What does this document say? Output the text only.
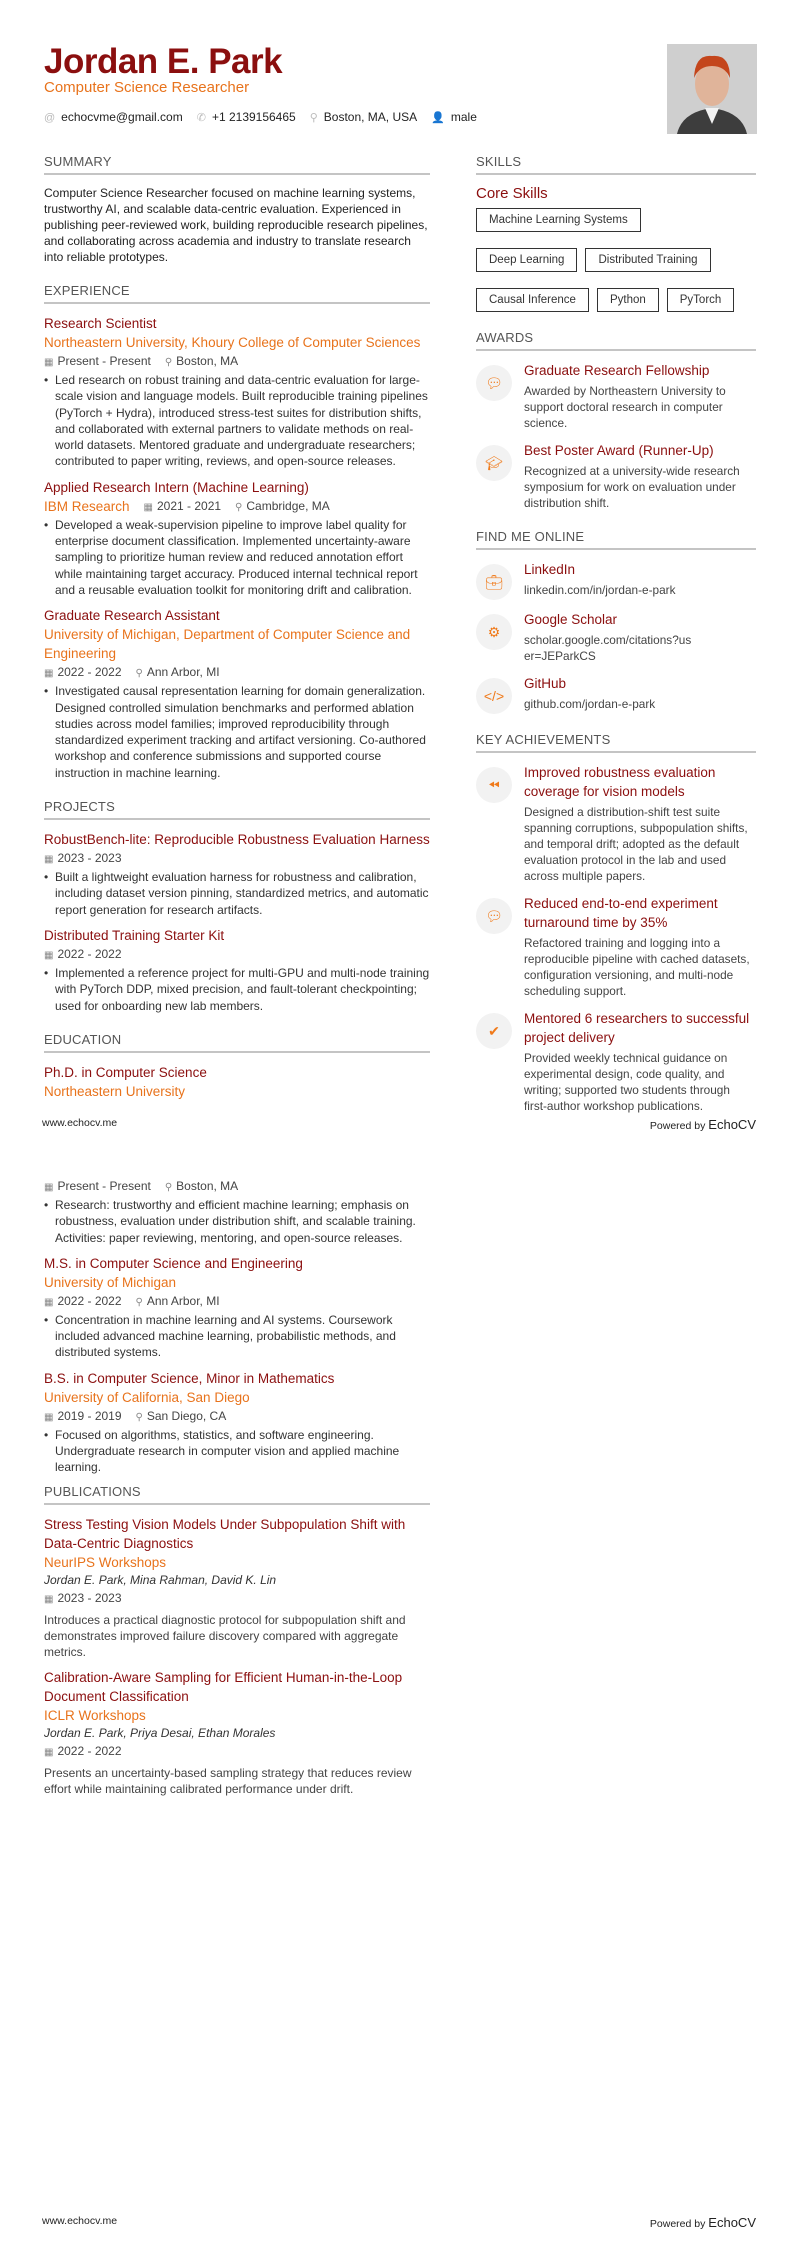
Jordan E. Park
Computer Science Researcher
@ echocvme@gmail.com ✆ +1 2139156465 ⚲ Boston, MA, USA 👤 male
SUMMARY
Computer Science Researcher focused on machine learning systems, trustworthy AI, and scalable data-centric evaluation. Experienced in publishing peer-reviewed work, building reproducible research pipelines, and collaborating across academia and industry to translate research into reliable prototypes.
EXPERIENCE
Research Scientist
Northeastern University, Khoury College of Computer Sciences
▦ Present - Present ⚲ Boston, MA
• Led research on robust training and data-centric evaluation for large-scale vision and language models. Built reproducible training pipelines (PyTorch + Hydra), introduced stress-test suites for distribution shifts, and collaborated with external partners to validate methods on real-world datasets. Mentored graduate and undergraduate researchers; contributed to paper writing, reviews, and open-source releases.
Applied Research Intern (Machine Learning)
IBM Research ▦ 2021 - 2021 ⚲ Cambridge, MA
• Developed a weak-supervision pipeline to improve label quality for enterprise document classification. Implemented uncertainty-aware sampling to prioritize human review and reduced annotation effort while maintaining target accuracy. Produced internal technical report and a reusable evaluation toolkit for monitoring drift and calibration.
Graduate Research Assistant
University of Michigan, Department of Computer Science and Engineering
▦ 2022 - 2022 ⚲ Ann Arbor, MI
• Investigated causal representation learning for domain generalization. Designed controlled simulation benchmarks and performed ablation studies across model families; improved reproducibility through standardized experiment tracking and artifact versioning. Co-authored workshop and conference submissions and supported course instruction in machine learning.
PROJECTS
RobustBench-lite: Reproducible Robustness Evaluation Harness
▦ 2023 - 2023
• Built a lightweight evaluation harness for robustness and calibration, including dataset version pinning, standardized metrics, and automatic report generation for research artifacts.
Distributed Training Starter Kit
▦ 2022 - 2022
• Implemented a reference project for multi-GPU and multi-node training with PyTorch DDP, mixed precision, and fault-tolerant checkpointing; used for onboarding new lab members.
EDUCATION
Ph.D. in Computer Science
Northeastern University
SKILLS
Core Skills
Machine Learning Systems
Deep Learning	Distributed Training
Causal Inference	Python	PyTorch
AWARDS
💬︎
Graduate Research Fellowship
Awarded by Northeastern University to support doctoral research in computer science.
🎓︎
Best Poster Award (Runner-Up)
Recognized at a university-wide research symposium for work on evaluation under distribution shift.
FIND ME ONLINE
💼︎
LinkedIn
linkedin.com/in/jordan-e-park
⚙
Google Scholar
scholar.google.com/citations?user=JEParkCS
</>
GitHub
github.com/jordan-e-park
KEY ACHIEVEMENTS
⏪︎
Improved robustness evaluation coverage for vision models
Designed a distribution-shift test suite spanning corruptions, subpopulation shifts, and temporal drift; adopted as the default evaluation protocol in the lab and used across multiple papers.
💬︎
Reduced end-to-end experiment turnaround time by 35%
Refactored training and logging into a reproducible pipeline with cached datasets, configuration versioning, and multi-node scheduling support.
✔
Mentored 6 researchers to successful project delivery
Provided weekly technical guidance on experimental design, code quality, and writing; supported two students through first-author workshop publications.
www.echocv.me	Powered by EchoCV
▦ Present - Present ⚲ Boston, MA
• Research: trustworthy and efficient machine learning; emphasis on robustness, evaluation under distribution shift, and scalable training. Activities: paper reviewing, mentoring, and open-source releases.
M.S. in Computer Science and Engineering
University of Michigan
▦ 2022 - 2022 ⚲ Ann Arbor, MI
• Concentration in machine learning and AI systems. Coursework included advanced machine learning, probabilistic methods, and distributed systems.
B.S. in Computer Science, Minor in Mathematics
University of California, San Diego
▦ 2019 - 2019 ⚲ San Diego, CA
• Focused on algorithms, statistics, and software engineering. Undergraduate research in computer vision and applied machine learning.
PUBLICATIONS
Stress Testing Vision Models Under Subpopulation Shift with Data-Centric Diagnostics
NeurIPS Workshops
Jordan E. Park, Mina Rahman, David K. Lin
▦ 2023 - 2023
Introduces a practical diagnostic protocol for subpopulation shift and demonstrates improved failure discovery compared with aggregate metrics.
Calibration-Aware Sampling for Efficient Human-in-the-Loop Document Classification
ICLR Workshops
Jordan E. Park, Priya Desai, Ethan Morales
▦ 2022 - 2022
Presents an uncertainty-based sampling strategy that reduces review effort while maintaining calibrated performance under drift.
www.echocv.me	Powered by EchoCV
